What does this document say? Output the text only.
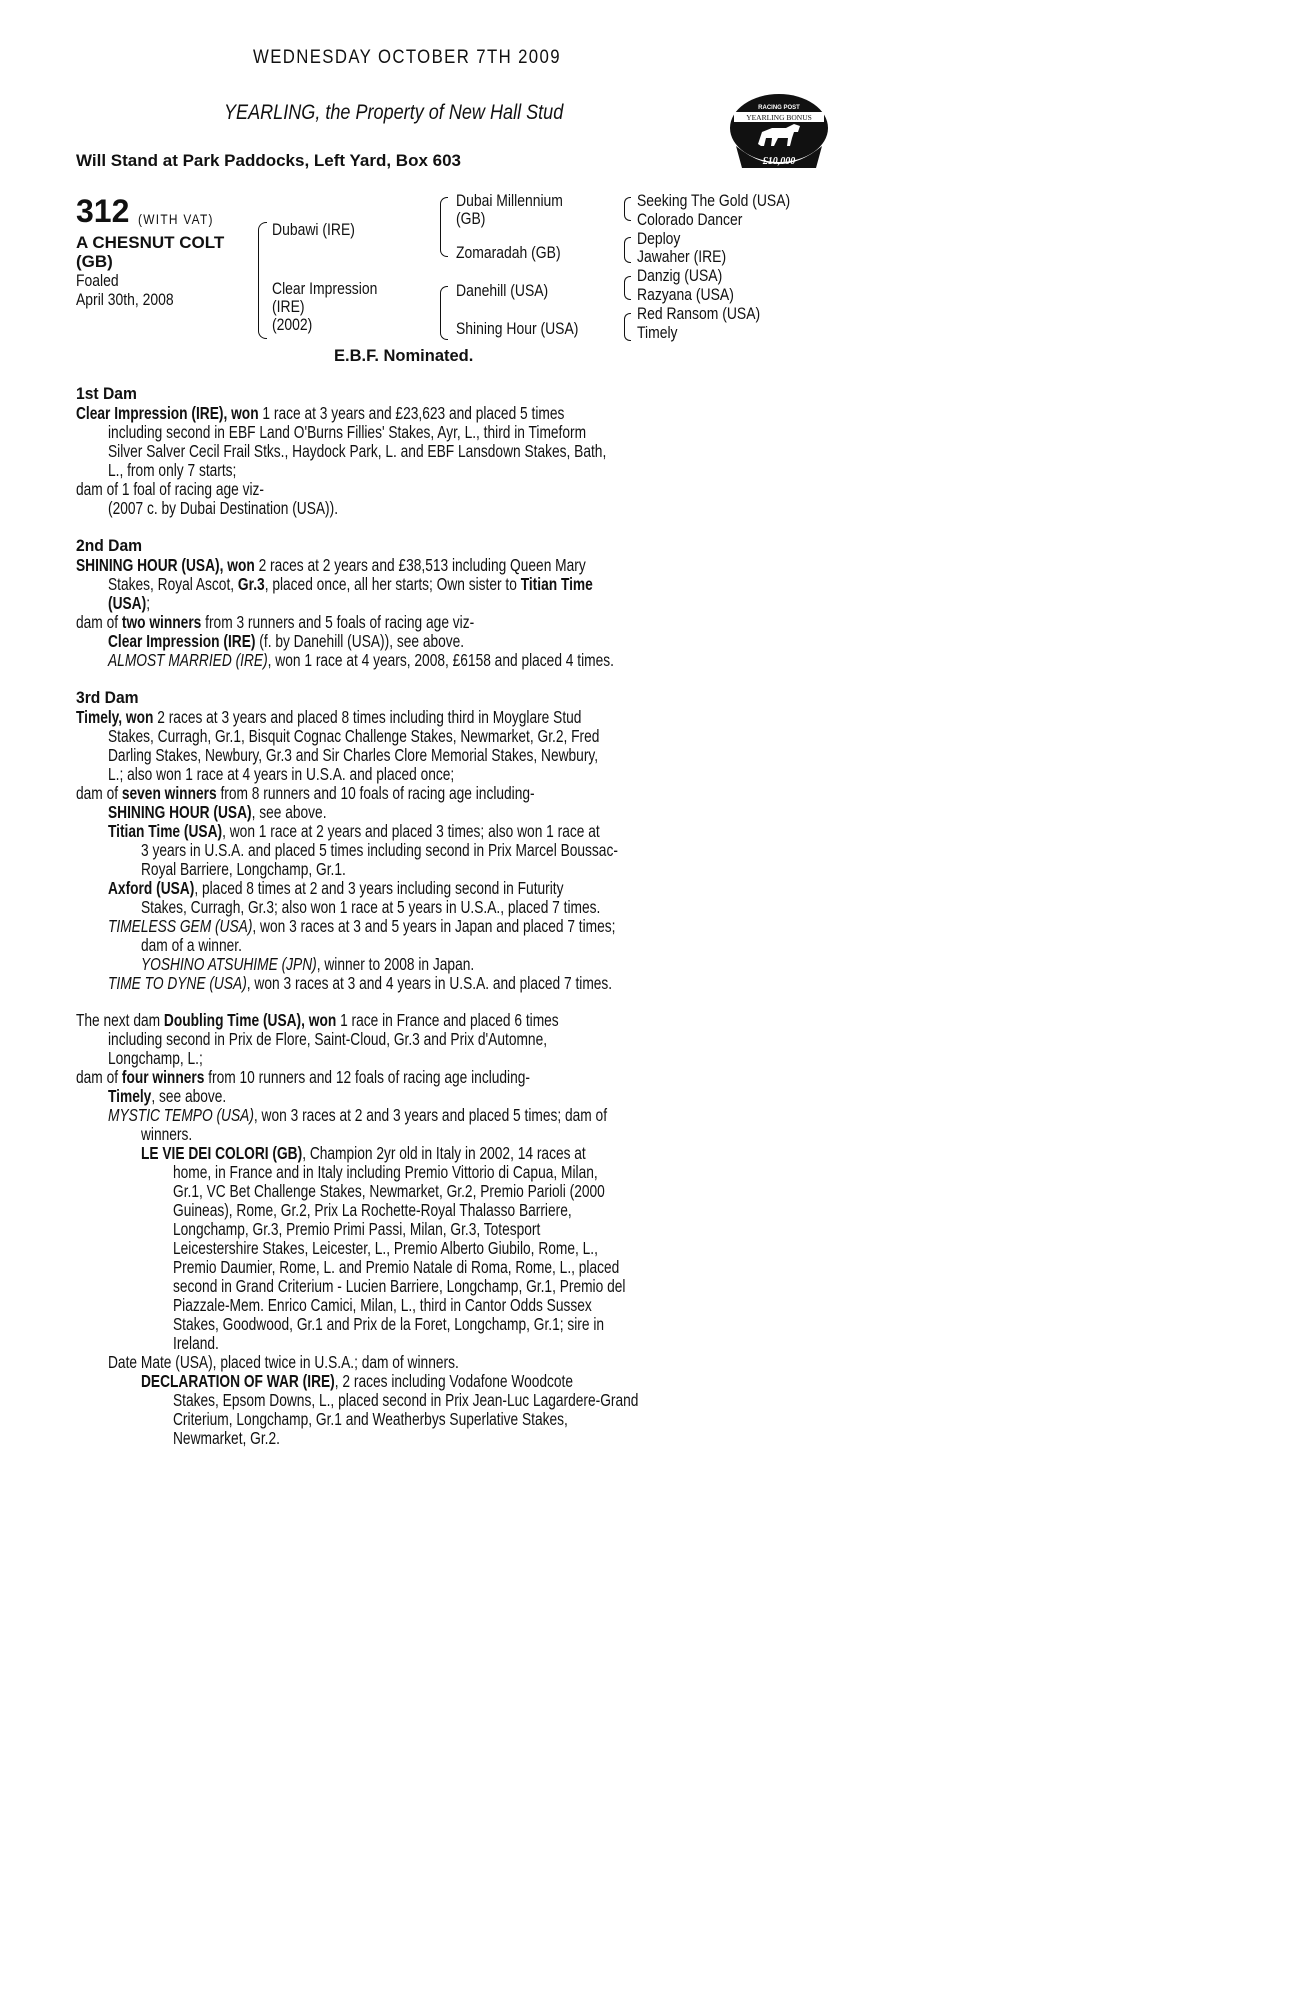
WEDNESDAY OCTOBER 7TH 2009
YEARLING, the Property of New Hall Stud
Will Stand at Park Paddocks, Left Yard, Box 603
RACING POST
YEARLING BONUS
£10,000
312 (WITH VAT)
A CHESNUT COLT
(GB)
Foaled
April 30th, 2008
Dubawi (IRE)
Clear Impression
(IRE)
(2002)
Dubai Millennium
(GB)
Zomaradah (GB)
Danehill (USA)
Shining Hour (USA)
Seeking The Gold (USA)
Colorado Dancer
Deploy
Jawaher (IRE)
Danzig (USA)
Razyana (USA)
Red Ransom (USA)
Timely
E.B.F. Nominated.
1st Dam
Clear Impression (IRE), won 1 race at 3 years and £23,623 and placed 5 times
including second in EBF Land O'Burns Fillies' Stakes, Ayr, L., third in Timeform
Silver Salver Cecil Frail Stks., Haydock Park, L. and EBF Lansdown Stakes, Bath,
L., from only 7 starts;
dam of 1 foal of racing age viz-
(2007 c. by Dubai Destination (USA)).
2nd Dam
SHINING HOUR (USA), won 2 races at 2 years and £38,513 including Queen Mary
Stakes, Royal Ascot, Gr.3, placed once, all her starts; Own sister to Titian Time
(USA);
dam of two winners from 3 runners and 5 foals of racing age viz-
Clear Impression (IRE) (f. by Danehill (USA)), see above.
ALMOST MARRIED (IRE), won 1 race at 4 years, 2008, £6158 and placed 4 times.
3rd Dam
Timely, won 2 races at 3 years and placed 8 times including third in Moyglare Stud
Stakes, Curragh, Gr.1, Bisquit Cognac Challenge Stakes, Newmarket, Gr.2, Fred
Darling Stakes, Newbury, Gr.3 and Sir Charles Clore Memorial Stakes, Newbury,
L.; also won 1 race at 4 years in U.S.A. and placed once;
dam of seven winners from 8 runners and 10 foals of racing age including-
SHINING HOUR (USA), see above.
Titian Time (USA), won 1 race at 2 years and placed 3 times; also won 1 race at
3 years in U.S.A. and placed 5 times including second in Prix Marcel Boussac-
Royal Barriere, Longchamp, Gr.1.
Axford (USA), placed 8 times at 2 and 3 years including second in Futurity
Stakes, Curragh, Gr.3; also won 1 race at 5 years in U.S.A., placed 7 times.
TIMELESS GEM (USA), won 3 races at 3 and 5 years in Japan and placed 7 times;
dam of a winner.
YOSHINO ATSUHIME (JPN), winner to 2008 in Japan.
TIME TO DYNE (USA), won 3 races at 3 and 4 years in U.S.A. and placed 7 times.
The next dam Doubling Time (USA), won 1 race in France and placed 6 times
including second in Prix de Flore, Saint-Cloud, Gr.3 and Prix d'Automne,
Longchamp, L.;
dam of four winners from 10 runners and 12 foals of racing age including-
Timely, see above.
MYSTIC TEMPO (USA), won 3 races at 2 and 3 years and placed 5 times; dam of
winners.
LE VIE DEI COLORI (GB), Champion 2yr old in Italy in 2002, 14 races at
home, in France and in Italy including Premio Vittorio di Capua, Milan,
Gr.1, VC Bet Challenge Stakes, Newmarket, Gr.2, Premio Parioli (2000
Guineas), Rome, Gr.2, Prix La Rochette-Royal Thalasso Barriere,
Longchamp, Gr.3, Premio Primi Passi, Milan, Gr.3, Totesport
Leicestershire Stakes, Leicester, L., Premio Alberto Giubilo, Rome, L.,
Premio Daumier, Rome, L. and Premio Natale di Roma, Rome, L., placed
second in Grand Criterium - Lucien Barriere, Longchamp, Gr.1, Premio del
Piazzale-Mem. Enrico Camici, Milan, L., third in Cantor Odds Sussex
Stakes, Goodwood, Gr.1 and Prix de la Foret, Longchamp, Gr.1; sire in
Ireland.
Date Mate (USA), placed twice in U.S.A.; dam of winners.
DECLARATION OF WAR (IRE), 2 races including Vodafone Woodcote
Stakes, Epsom Downs, L., placed second in Prix Jean-Luc Lagardere-Grand
Criterium, Longchamp, Gr.1 and Weatherbys Superlative Stakes,
Newmarket, Gr.2.
